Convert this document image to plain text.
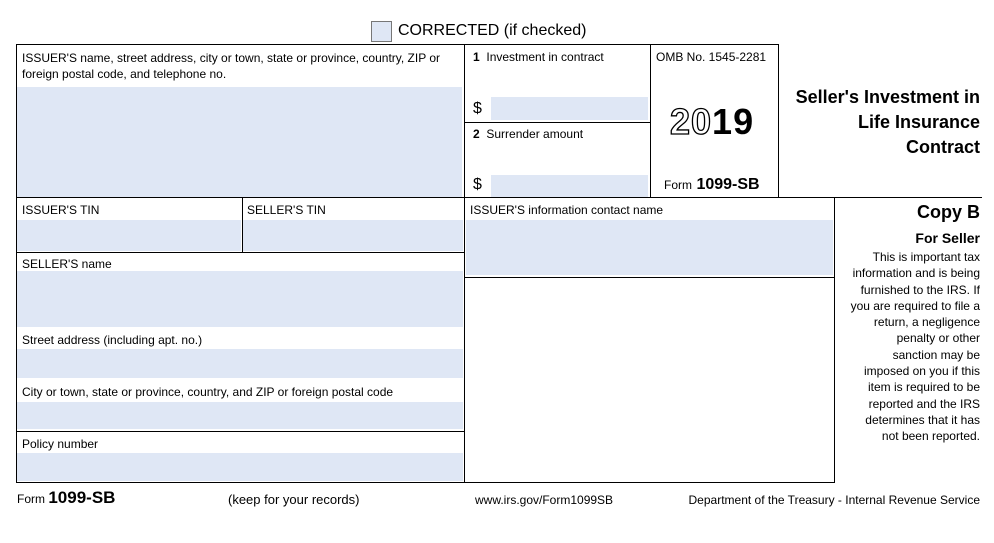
CORRECTED (if checked)
ISSUER'S name, street address, city or town, state or province, country, ZIP or foreign postal code, and telephone no.
1 Investment in contract
$
2 Surrender amount
$
OMB No. 1545-2281
2019
Form 1099-SB
Seller's Investment in
Life Insurance
Contract
ISSUER'S TIN	SELLER'S TIN	ISSUER'S information contact name
SELLER'S name
Street address (including apt. no.)
City or town, state or province, country, and ZIP or foreign postal code
Policy number
Copy B
For Seller
This is important tax
information and is being
furnished to the IRS. If
you are required to file a
return, a negligence
penalty or other
sanction may be
imposed on you if this
item is required to be
reported and the IRS
determines that it has
not been reported.
Form 1099-SB	(keep for your records)	www.irs.gov/Form1099SB	Department of the Treasury - Internal Revenue Service
